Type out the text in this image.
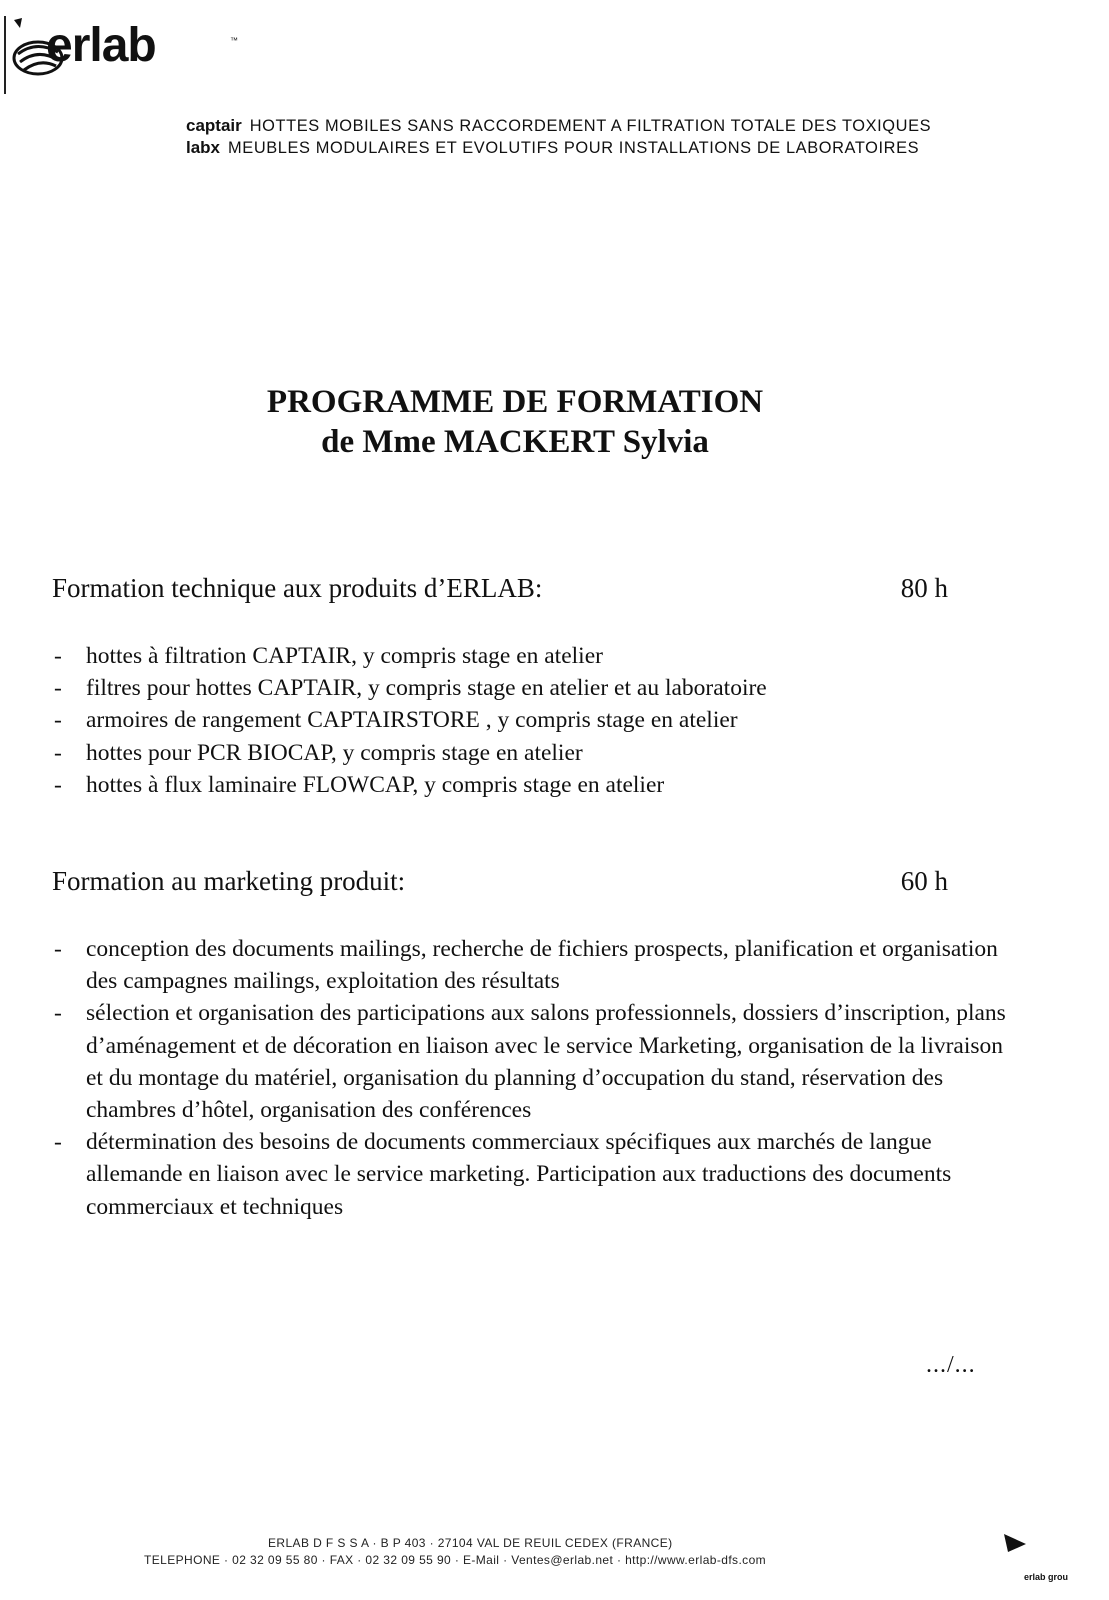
erlab	™
captair HOTTES MOBILES SANS RACCORDEMENT A FILTRATION TOTALE DES TOXIQUES
labx MEUBLES MODULAIRES ET EVOLUTIFS POUR INSTALLATIONS DE LABORATOIRES
PROGRAMME DE FORMATION
de Mme MACKERT Sylvia
Formation technique aux produits d’ERLAB:	80 h
- hottes à filtration CAPTAIR, y compris stage en atelier
- filtres pour hottes CAPTAIR, y compris stage en atelier et au laboratoire
- armoires de rangement CAPTAIRSTORE , y compris stage en atelier
- hottes pour PCR BIOCAP, y compris stage en atelier
- hottes à flux laminaire FLOWCAP, y compris stage en atelier
Formation au marketing produit:	60 h
- conception des documents mailings, recherche de fichiers prospects, planification et organisation des campagnes mailings, exploitation des résultats
- sélection et organisation des participations aux salons professionnels, dossiers d’inscription, plans d’aménagement et de décoration en liaison avec le service Marketing, organisation de la livraison et du montage du matériel, organisation du planning d’occupation du stand, réservation des chambres d’hôtel, organisation des conférences
- détermination des besoins de documents commerciaux spécifiques aux marchés de langue allemande en liaison avec le service marketing. Participation aux traductions des documents commerciaux et techniques
.../...
ERLAB D F S S A · B P 403 · 27104 VAL DE REUIL CEDEX (FRANCE)
TELEPHONE · 02 32 09 55 80 · FAX · 02 32 09 55 90 · E-Mail · Ventes@erlab.net · http://www.erlab-dfs.com
erlab grou
